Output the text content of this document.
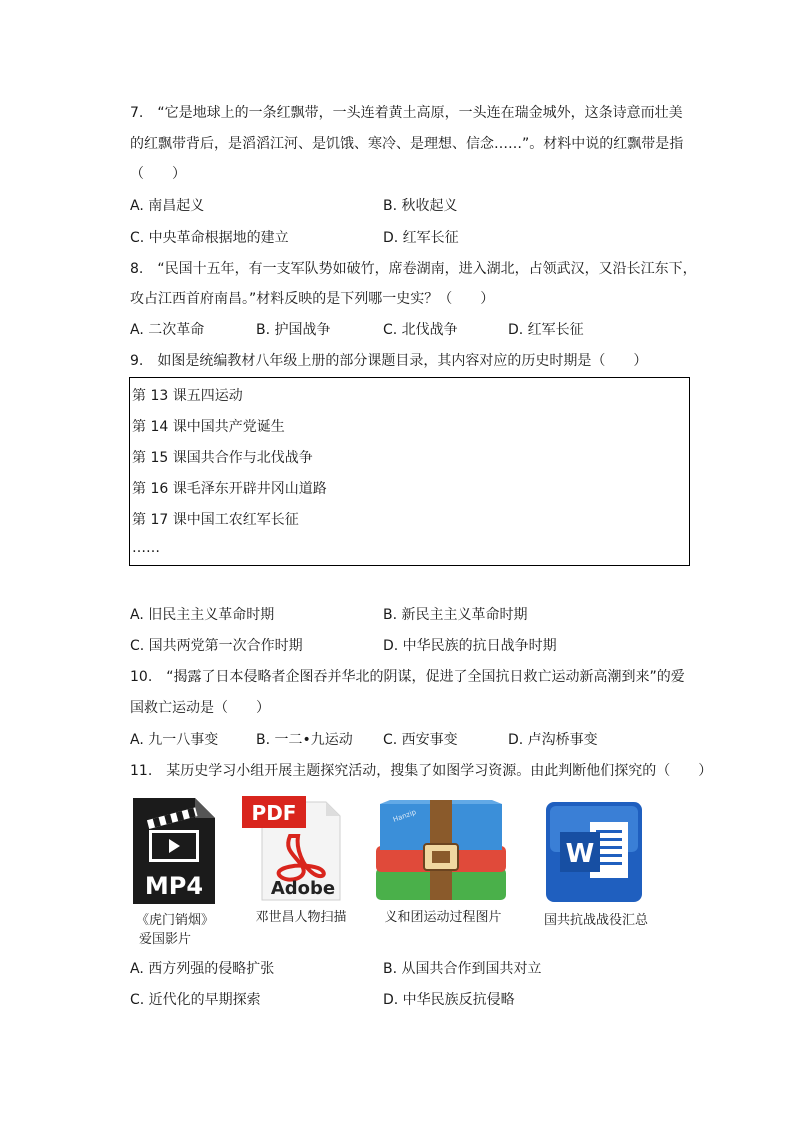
7.　“它是地球上的一条红飘带，一头连着黄土高原，一头连在瑞金城外，这条诗意而壮美
的红飘带背后，是滔滔江河、是饥饿、寒冷、是理想、信念……”。材料中说的红飘带是指
（　　）
A. 南昌起义	B. 秋收起义
C. 中央革命根据地的建立	D. 红军长征
8.　“民国十五年，有一支军队势如破竹，席卷湖南，进入湖北，占领武汉，又沿长江东下，
攻占江西首府南昌。”材料反映的是下列哪一史实？（　　）
A. 二次革命	B. 护国战争	C. 北伐战争	D. 红军长征
9.　如图是统编教材八年级上册的部分课题目录，其内容对应的历史时期是（　　）
第 13 课五四运动
第 14 课中国共产党诞生
第 15 课国共合作与北伐战争
第 16 课毛泽东开辟井冈山道路
第 17 课中国工农红军长征
……
A. 旧民主主义革命时期	B. 新民主主义革命时期
C. 国共两党第一次合作时期	D. 中华民族的抗日战争时期
10.　“揭露了日本侵略者企图吞并华北的阴谋，促进了全国抗日救亡运动新高潮到来”的爱
国救亡运动是（　　）
A. 九一八事变	B. 一二•九运动 C. 西安事变	D. 卢沟桥事变
11.　某历史学习小组开展主题探究活动，搜集了如图学习资源。由此判断他们探究的（　　）
MP4
PDF
Adobe
Hanzip
W
《虎门销烟》
爱国影片
邓世昌人物扫描	义和团运动过程图片	国共抗战战役汇总
A. 西方列强的侵略扩张	B. 从国共合作到国共对立
C. 近代化的早期探索	D. 中华民族反抗侵略
